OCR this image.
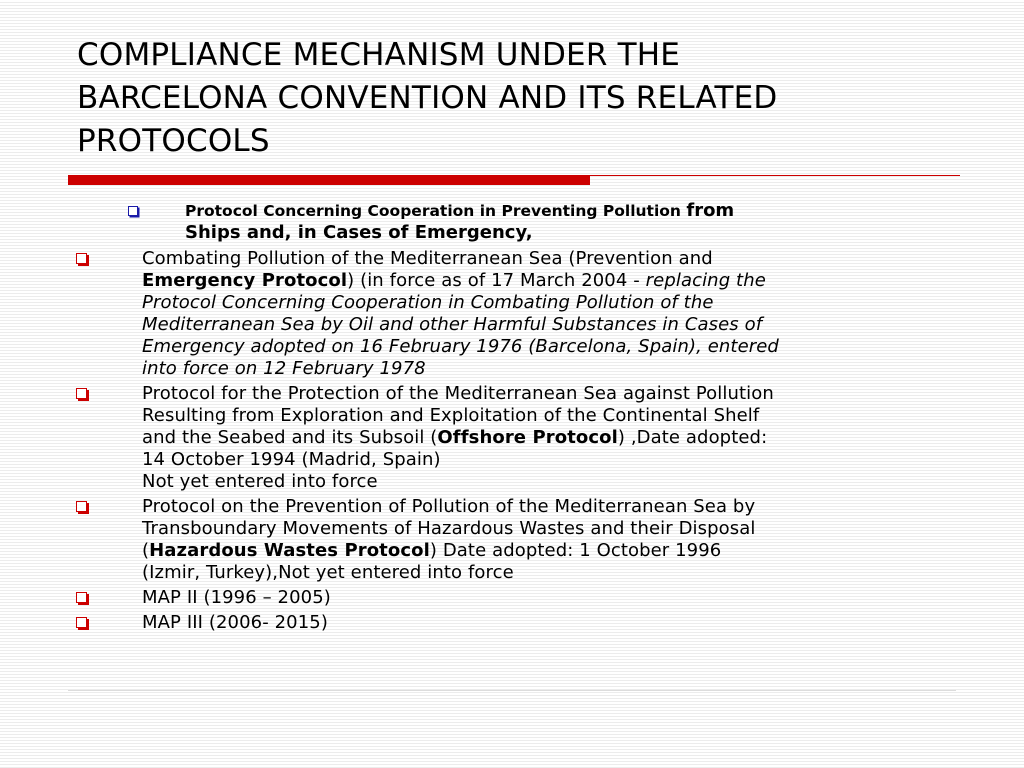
COMPLIANCE MECHANISM UNDER THE
BARCELONA CONVENTION AND ITS RELATED
PROTOCOLS
Protocol Concerning Cooperation in Preventing Pollution from
Ships and, in Cases of Emergency,
Combating Pollution of the Mediterranean Sea (Prevention and
Emergency Protocol) (in force as of 17 March 2004 - replacing the
Protocol Concerning Cooperation in Combating Pollution of the
Mediterranean Sea by Oil and other Harmful Substances in Cases of
Emergency adopted on 16 February 1976 (Barcelona, Spain), entered
into force on 12 February 1978
Protocol for the Protection of the Mediterranean Sea against Pollution
Resulting from Exploration and Exploitation of the Continental Shelf
and the Seabed and its Subsoil (Offshore Protocol) ,Date adopted:
14 October 1994 (Madrid, Spain)
Not yet entered into force
Protocol on the Prevention of Pollution of the Mediterranean Sea by
Transboundary Movements of Hazardous Wastes and their Disposal
(Hazardous Wastes Protocol) Date adopted: 1 October 1996
(Izmir, Turkey),Not yet entered into force
MAP II (1996 – 2005)
MAP III (2006- 2015)
